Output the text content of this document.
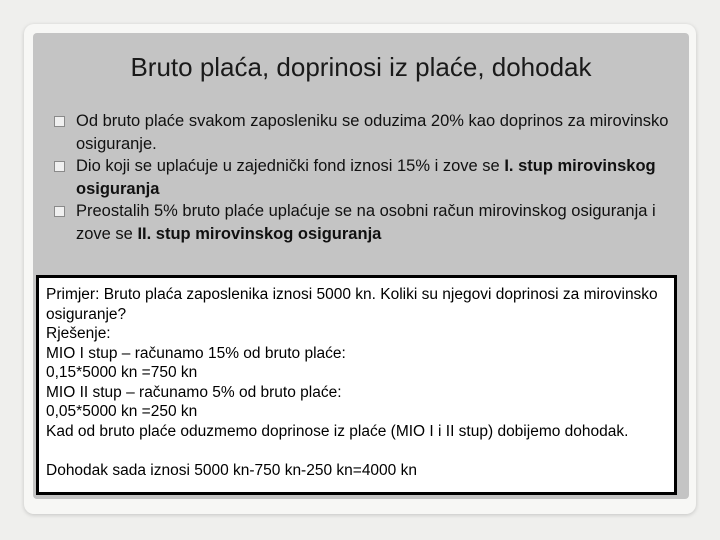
Bruto plaća, doprinosi iz plaće, dohodak
Od bruto plaće svakom zaposleniku se oduzima 20% kao doprinos za mirovinsko osiguranje.
Dio koji se uplaćuje u zajednički fond iznosi 15% i zove se I. stup mirovinskog osiguranja
Preostalih 5% bruto plaće uplaćuje se na osobni račun mirovinskog osiguranja i zove se II. stup mirovinskog osiguranja
Primjer: Bruto plaća zaposlenika iznosi 5000 kn. Koliki su njegovi doprinosi za mirovinsko osiguranje?
Rješenje:
MIO I stup – računamo 15% od bruto plaće:
0,15*5000 kn =750 kn
MIO II stup – računamo 5% od bruto plaće:
0,05*5000 kn =250 kn
Kad od bruto plaće oduzmemo doprinose iz plaće (MIO I i II stup) dobijemo dohodak.
Dohodak sada iznosi 5000 kn-750 kn-250 kn=4000 kn
